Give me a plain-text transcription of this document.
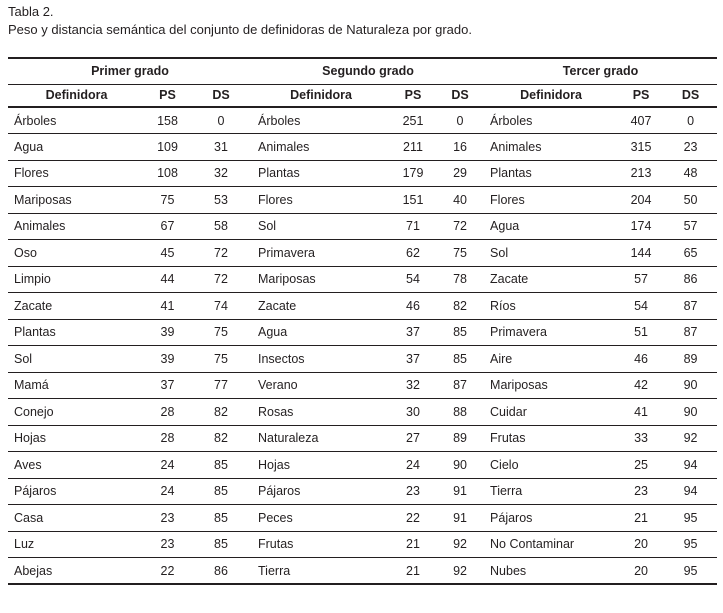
Tabla 2.
Peso y distancia semántica del conjunto de definidoras de Naturaleza por grado.
Primer grado			Segundo grado			Tercer grado		
Definidora	PS	DS	Definidora	PS	DS	Definidora	PS	DS
Árboles	158	0	Árboles	251	0	Árboles	407	0
Agua	109	31	Animales	211	16	Animales	315	23
Flores	108	32	Plantas	179	29	Plantas	213	48
Mariposas	75	53	Flores	151	40	Flores	204	50
Animales	67	58	Sol	71	72	Agua	174	57
Oso	45	72	Primavera	62	75	Sol	144	65
Limpio	44	72	Mariposas	54	78	Zacate	57	86
Zacate	41	74	Zacate	46	82	Ríos	54	87
Plantas	39	75	Agua	37	85	Primavera	51	87
Sol	39	75	Insectos	37	85	Aire	46	89
Mamá	37	77	Verano	32	87	Mariposas	42	90
Conejo	28	82	Rosas	30	88	Cuidar	41	90
Hojas	28	82	Naturaleza	27	89	Frutas	33	92
Aves	24	85	Hojas	24	90	Cielo	25	94
Pájaros	24	85	Pájaros	23	91	Tierra	23	94
Casa	23	85	Peces	22	91	Pájaros	21	95
Luz	23	85	Frutas	21	92	No Contaminar	20	95
Abejas	22	86	Tierra	21	92	Nubes	20	95
